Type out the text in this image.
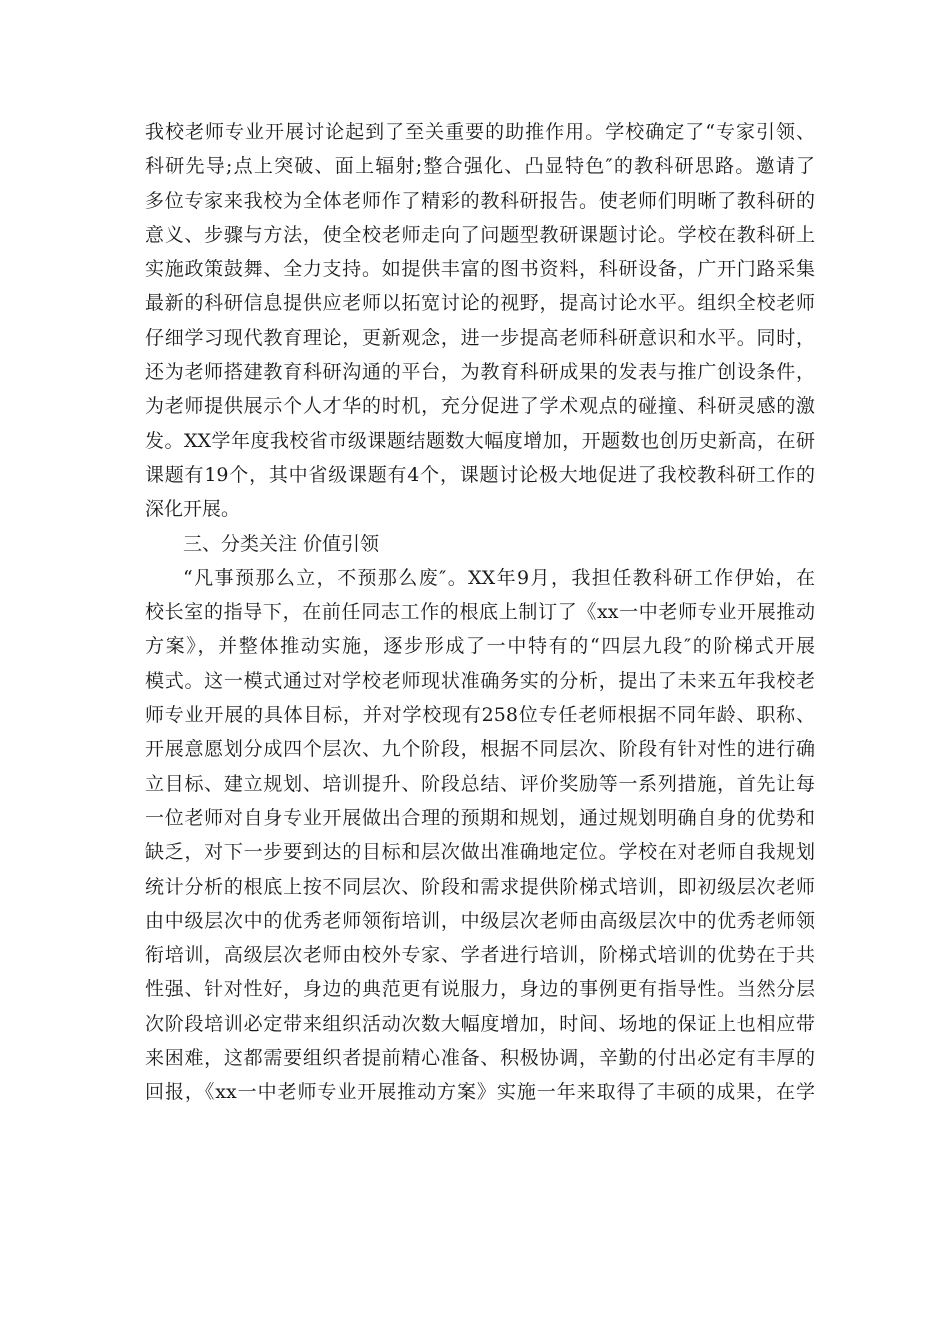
我校老师专业开展讨论起到了至关重要的助推作用。学校确定了“专家引领、
科研先导;点上突破、面上辐射;整合强化、凸显特色″的教科研思路。邀请了
多位专家来我校为全体老师作了精彩的教科研报告。使老师们明晰了教科研的
意义、步骤与方法，使全校老师走向了问题型教研课题讨论。学校在教科研上
实施政策鼓舞、全力支持。如提供丰富的图书资料，科研设备，广开门路采集
最新的科研信息提供应老师以拓宽讨论的视野，提高讨论水平。组织全校老师
仔细学习现代教育理论，更新观念，进一步提高老师科研意识和水平。同时，
还为老师搭建教育科研沟通的平台，为教育科研成果的发表与推广创设条件，
为老师提供展示个人才华的时机，充分促进了学术观点的碰撞、科研灵感的激
发。XX学年度我校省市级课题结题数大幅度增加，开题数也创历史新高，在研
课题有19个，其中省级课题有4个，课题讨论极大地促进了我校教科研工作的
深化开展。
三、分类关注 价值引领
“凡事预那么立，不预那么废″。XX年9月，我担任教科研工作伊始，在
校长室的指导下，在前任同志工作的根底上制订了《xx一中老师专业开展推动
方案》，并整体推动实施，逐步形成了一中特有的“四层九段″的阶梯式开展
模式。这一模式通过对学校老师现状准确务实的分析，提出了未来五年我校老
师专业开展的具体目标，并对学校现有258位专任老师根据不同年龄、职称、
开展意愿划分成四个层次、九个阶段，根据不同层次、阶段有针对性的进行确
立目标、建立规划、培训提升、阶段总结、评价奖励等一系列措施，首先让每
一位老师对自身专业开展做出合理的预期和规划，通过规划明确自身的优势和
缺乏，对下一步要到达的目标和层次做出准确地定位。学校在对老师自我规划
统计分析的根底上按不同层次、阶段和需求提供阶梯式培训，即初级层次老师
由中级层次中的优秀老师领衔培训，中级层次老师由高级层次中的优秀老师领
衔培训，高级层次老师由校外专家、学者进行培训，阶梯式培训的优势在于共
性强、针对性好，身边的典范更有说服力，身边的事例更有指导性。当然分层
次阶段培训必定带来组织活动次数大幅度增加，时间、场地的保证上也相应带
来困难，这都需要组织者提前精心准备、积极协调，辛勤的付出必定有丰厚的
回报，《xx一中老师专业开展推动方案》实施一年来取得了丰硕的成果，在学
